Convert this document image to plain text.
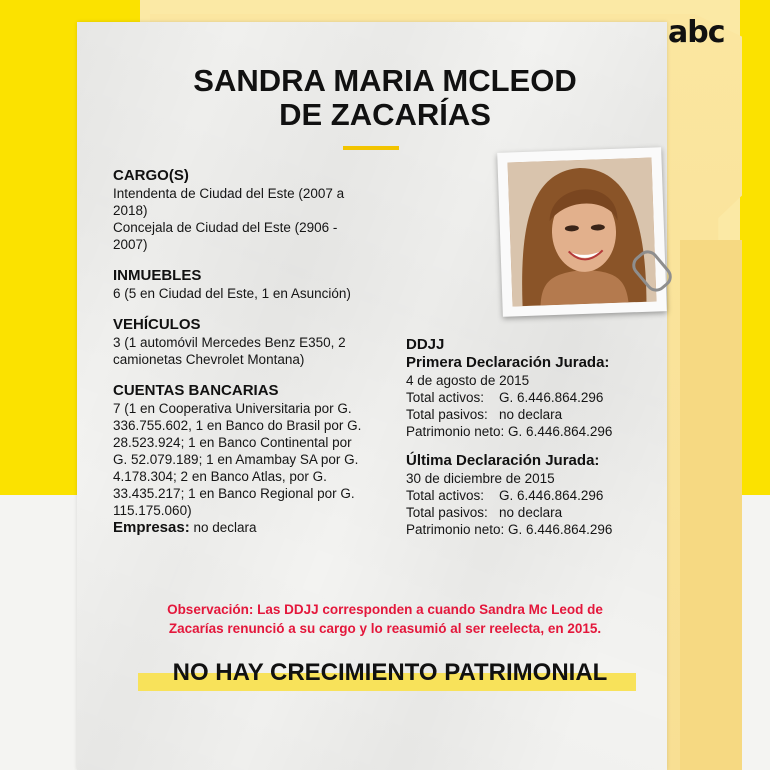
abc
SANDRA MARIA MCLEOD
DE ZACARÍAS

CARGO(S)

Intendenta de Ciudad del Este (2007 a

2018)

Concejala de Ciudad del Este (2906 -

2007)

INMUEBLES

6 (5 en Ciudad del Este, 1 en Asunción)

VEHÍCULOS

3 (1 automóvil Mercedes Benz E350, 2

camionetas Chevrolet Montana)

CUENTAS BANCARIAS

7 (1 en Cooperativa Universitaria por G.

336.755.602, 1 en Banco do Brasil por G.

28.523.924; 1 en Banco Continental por

G. 52.079.189; 1 en Amambay SA por G.

4.178.304; 2 en Banco Atlas, por G.

33.435.217; 1 en Banco Regional por G.

115.175.060)

Empresas: no declara

DDJJ

Primera Declaración Jurada:

4 de agosto de 2015

Total activos:    G. 6.446.864.296

Total pasivos:   no declara

Patrimonio neto: G. 6.446.864.296

Última Declaración Jurada:

30 de diciembre de 2015

Total activos:    G. 6.446.864.296

Total pasivos:   no declara

Patrimonio neto: G. 6.446.864.296

Observación: Las DDJJ corresponden a cuando Sandra Mc Leod de
Zacarías renunció a su cargo y lo reasumió al ser reelecta, en 2015.
NO HAY CRECIMIENTO PATRIMONIAL
